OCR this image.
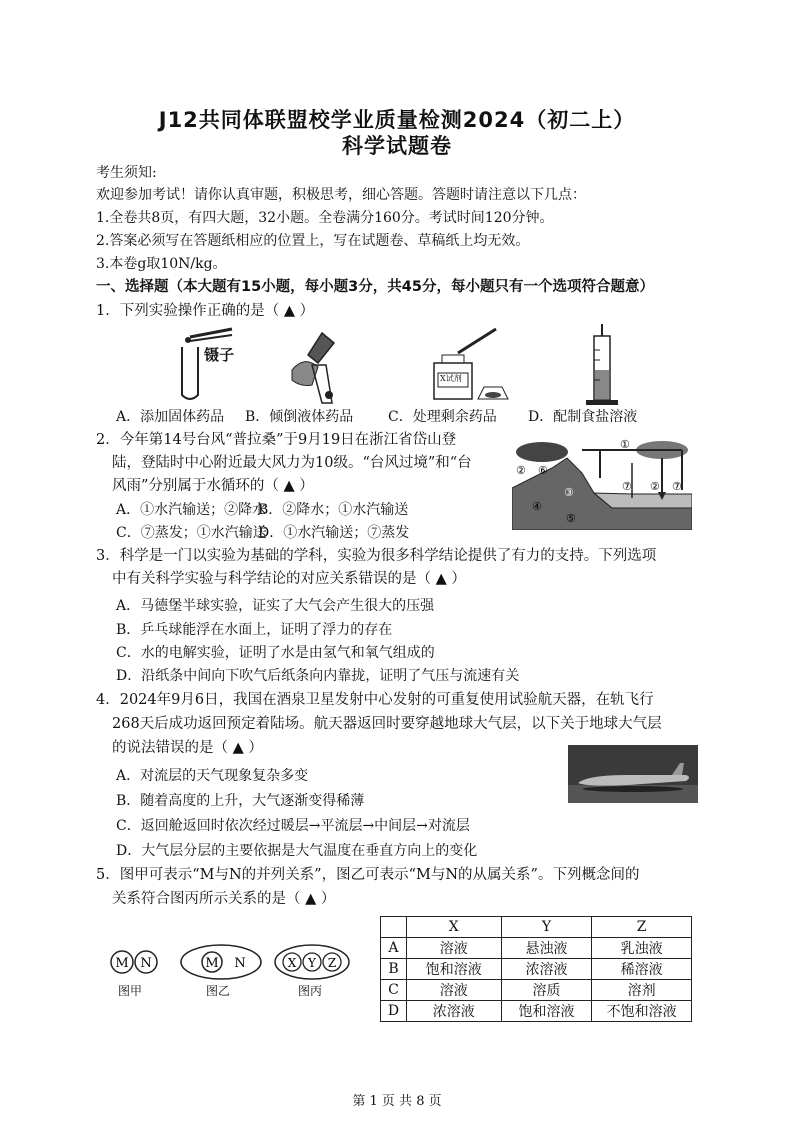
J12共同体联盟校学业质量检测2024（初二上）
科学试题卷
考生须知:
欢迎参加考试！请你认真审题，积极思考，细心答题。答题时请注意以下几点：
1.全卷共8页，有四大题，32小题。全卷满分160分。考试时间120分钟。
2.答案必须写在答题纸相应的位置上，写在试题卷、草稿纸上均无效。
3.本卷g取10N/kg。
一、选择题（本大题有15小题，每小题3分，共45分，每小题只有一个选项符合题意）
1．下列实验操作正确的是（ ▲ ）
镊子
X试剂
A．添加固体药品 B．倾倒液体药品 C．处理剩余药品 D．配制食盐溶液
2．今年第14号台风“普拉桑”于9月19日在浙江省岱山登
陆，登陆时中心附近最大风力为10级。“台风过境”和“台
风雨”分别属于水循环的（ ▲ ）
A．①水汽输送；②降水
B．②降水；①水汽输送
C．⑦蒸发；①水汽输送
D．①水汽输送；⑦蒸发
①
② ⑥
③
④
⑤
⑦ ② ⑦
3．科学是一门以实验为基础的学科，实验为很多科学结论提供了有力的支持。下列选项
中有关科学实验与科学结论的对应关系错误的是（ ▲ ）
A．马德堡半球实验，证实了大气会产生很大的压强
B．乒乓球能浮在水面上，证明了浮力的存在
C．水的电解实验，证明了水是由氢气和氧气组成的
D．沿纸条中间向下吹气后纸条向内靠拢，证明了气压与流速有关
4．2024年9月6日，我国在酒泉卫星发射中心发射的可重复使用试验航天器，在轨飞行
268天后成功返回预定着陆场。航天器返回时要穿越地球大气层，以下关于地球大气层
的说法错误的是（ ▲ ）
A．对流层的天气现象复杂多变
B．随着高度的上升，大气逐渐变得稀薄
C．返回舱返回时依次经过暖层→平流层→中间层→对流层
D．大气层分层的主要依据是大气温度在垂直方向上的变化
5．图甲可表示“M与N的并列关系”，图乙可表示“M与N的从属关系”。下列概念间的
关系符合图丙所示关系的是（ ▲ ）
M N
图甲
M N
图乙
X Y Z
图丙
	X	Y	Z
A	溶液	悬浊液	乳浊液
B	饱和溶液	浓溶液	稀溶液
C	溶液	溶质	溶剂
D	浓溶液	饱和溶液	不饱和溶液
第 1 页 共 8 页
